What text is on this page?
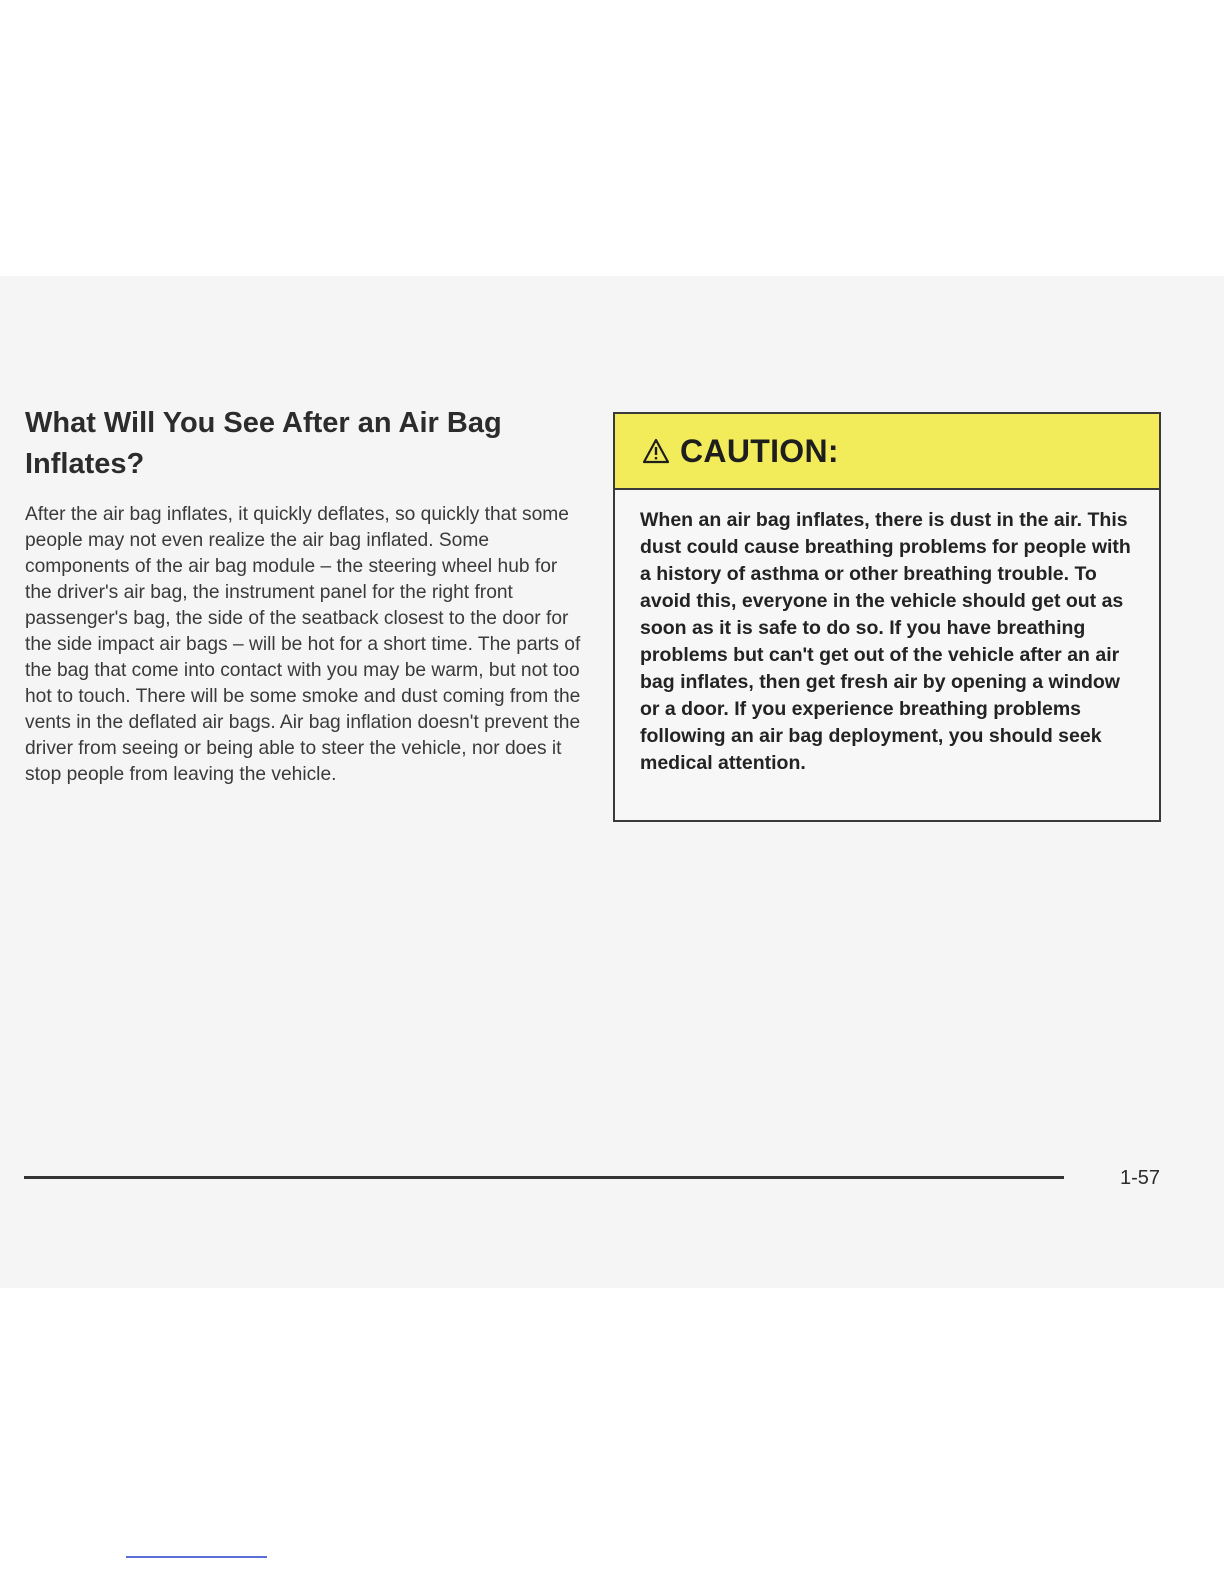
What Will You See After an Air Bag Inflates?

After the air bag inflates, it quickly deflates, so quickly that some people may not even realize the air bag inflated. Some components of the air bag module – the steering wheel hub for the driver's air bag, the instrument panel for the right front passenger's bag, the side of the seatback closest to the door for the side impact air bags – will be hot for a short time. The parts of the bag that come into contact with you may be warm, but not too hot to touch. There will be some smoke and dust coming from the vents in the deflated air bags. Air bag inflation doesn't prevent the driver from seeing or being able to steer the vehicle, nor does it stop people from leaving the vehicle.

CAUTION:

When an air bag inflates, there is dust in the air. This dust could cause breathing problems for people with a history of asthma or other breathing trouble. To avoid this, everyone in the vehicle should get out as soon as it is safe to do so. If you have breathing problems but can't get out of the vehicle after an air bag inflates, then get fresh air by opening a window or a door. If you experience breathing problems following an air bag deployment, you should seek medical attention.

1-57
